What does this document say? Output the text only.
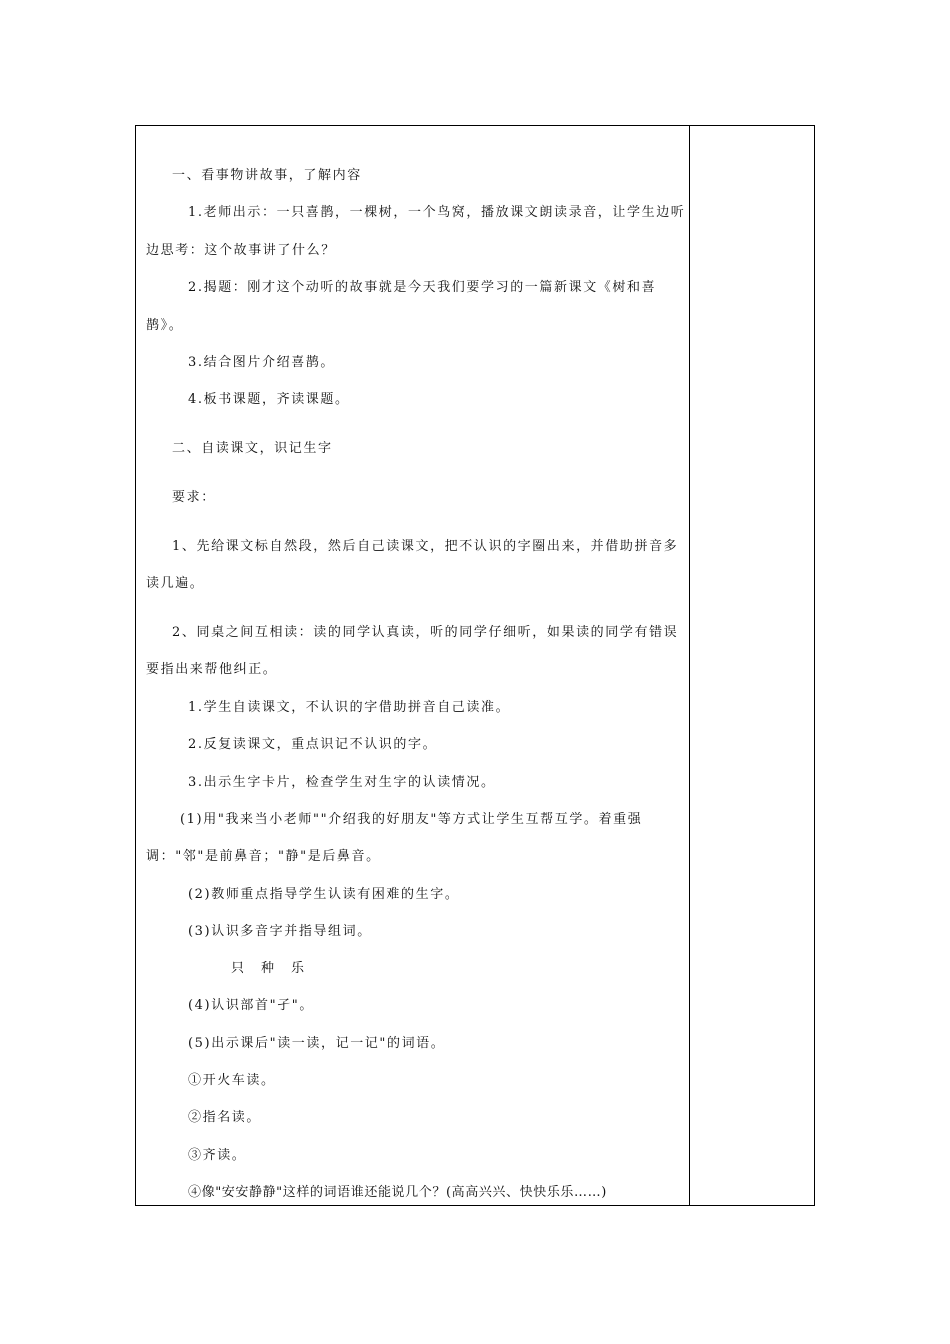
一、看事物讲故事，了解内容
1.老师出示：一只喜鹊，一棵树，一个鸟窝，播放课文朗读录音，让学生边听
边思考：这个故事讲了什么？
2.揭题：刚才这个动听的故事就是今天我们要学习的一篇新课文《树和喜
鹊》。
3.结合图片介绍喜鹊。
4.板书课题，齐读课题。
二、自读课文，识记生字
要求：
1、先给课文标自然段，然后自己读课文，把不认识的字圈出来，并借助拼音多
读几遍。
2、同桌之间互相读：读的同学认真读，听的同学仔细听，如果读的同学有错误
要指出来帮他纠正。
1.学生自读课文，不认识的字借助拼音自己读准。
2.反复读课文，重点识记不认识的字。
3.出示生字卡片，检查学生对生字的认读情况。
(1)用"我来当小老师""介绍我的好朋友"等方式让学生互帮互学。着重强
调："邻"是前鼻音；"静"是后鼻音。
(2)教师重点指导学生认读有困难的生字。
(3)认识多音字并指导组词。
只　种　乐
(4)认识部首"孑"。
(5)出示课后"读一读，记一记"的词语。
①开火车读。
②指名读。
③齐读。
④像"安安静静"这样的词语谁还能说几个？(高高兴兴、快快乐乐……)
